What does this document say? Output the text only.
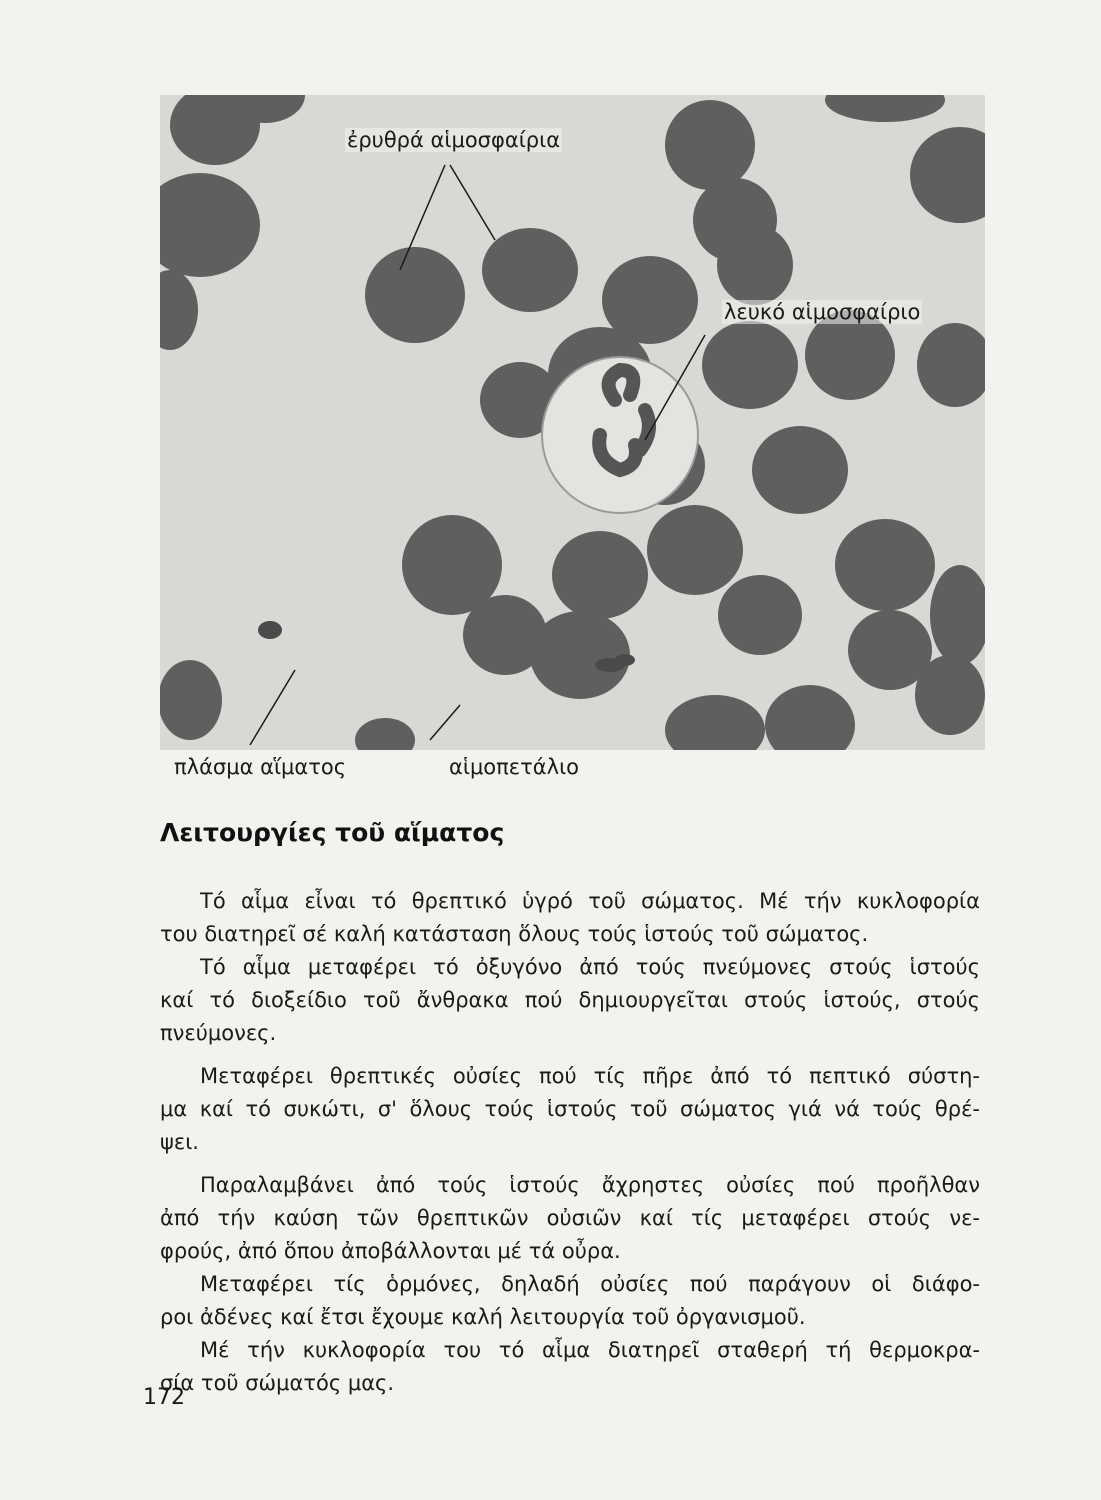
ἐρυθρά αἱμοσφαίρια
λευκό αἱμοσφαίριο
πλάσμα αἵματος	αἱμοπετάλιο
Λειτουργίες τοῦ αἵματος
Τό αἷμα εἶναι τό θρεπτικό ὑγρό τοῦ σώματος. Μέ τήν κυκλοφορία
του διατηρεῖ σέ καλή κατάσταση ὅλους τούς ἱστούς τοῦ σώματος.
Τό αἷμα μεταφέρει τό ὀξυγόνο ἀπό τούς πνεύμονες στούς ἱστούς
καί τό διοξείδιο τοῦ ἄνθρακα πού δημιουργεῖται στούς ἱστούς, στούς
πνεύμονες.
Μεταφέρει θρεπτικές οὐσίες πού τίς πῆρε ἀπό τό πεπτικό σύστη-
μα καί τό συκώτι, σ' ὅλους τούς ἱστούς τοῦ σώματος γιά νά τούς θρέ-
ψει.
Παραλαμβάνει ἀπό τούς ἱστούς ἄχρηστες οὐσίες πού προῆλθαν
ἀπό τήν καύση τῶν θρεπτικῶν οὐσιῶν καί τίς μεταφέρει στούς νε-
φρούς, ἀπό ὅπου ἀποβάλλονται μέ τά οὖρα.
Μεταφέρει τίς ὁρμόνες, δηλαδή οὐσίες πού παράγουν οἱ διάφο-
ροι ἀδένες καί ἔτσι ἔχουμε καλή λειτουργία τοῦ ὀργανισμοῦ.
Μέ τήν κυκλοφορία του τό αἷμα διατηρεῖ σταθερή τή θερμοκρα-
σία τοῦ σώματός μας.
172
